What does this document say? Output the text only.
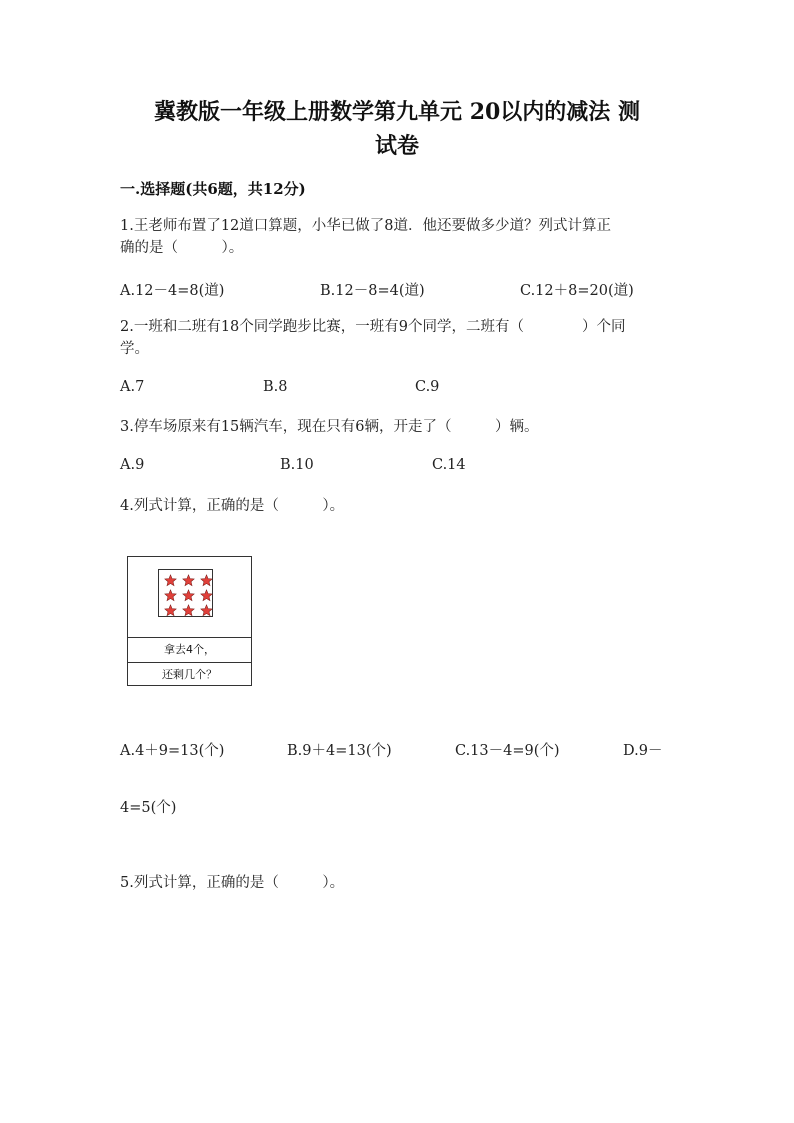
冀教版一年级上册数学第九单元 20以内的减法 测
试卷
一.选择题(共6题，共12分)
1.王老师布置了12道口算题，小华已做了8道．他还要做多少道？列式计算正
确的是（　　　）。
A.12－4=8(道)	B.12－8=4(道)	C.12＋8=20(道)
2.一班和二班有18个同学跑步比赛，一班有9个同学，二班有（　　　　）个同
学。
A.7	B.8	C.9
3.停车场原来有15辆汽车，现在只有6辆，开走了（　　　）辆。
A.9	B.10	C.14
4.列式计算，正确的是（　　　）。
拿去4个，
还剩几个？
A.4＋9=13(个)	B.9＋4=13(个)	C.13－4=9(个)	D.9－
4=5(个)
5.列式计算，正确的是（　　　）。
